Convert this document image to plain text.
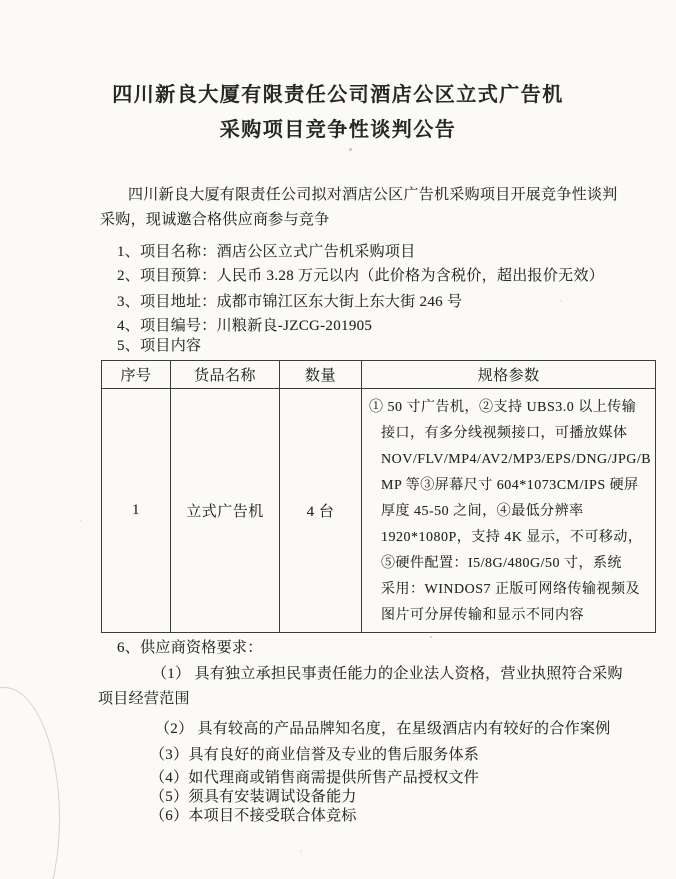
四川新良大厦有限责任公司酒店公区立式广告机
采购项目竞争性谈判公告
四川新良大厦有限责任公司拟对酒店公区广告机采购项目开展竞争性谈判
采购，现诚邀合格供应商参与竞争
1、项目名称：酒店公区立式广告机采购项目
2、项目预算：人民币 3.28 万元以内（此价格为含税价，超出报价无效）
3、项目地址：成都市锦江区东大街上东大街 246 号
4、项目编号：川粮新良-JZCG-201905
5、项目内容
序号	货品名称	数量	规格参数
1	立式广告机	4 台	
① 50 寸广告机，②支持 UBS3.0 以上传输
接口，有多分线视频接口，可播放媒体
NOV/FLV/MP4/AV2/MP3/EPS/DNG/JPG/B
MP 等③屏幕尺寸 604*1073CM/IPS 硬屏
厚度 45-50 之间，④最低分辨率
1920*1080P，支持 4K 显示，不可移动，
⑤硬件配置：I5/8G/480G/50 寸，系统
采用：WINDOS7 正版可网络传输视频及
图片可分屏传输和显示不同内容
6、供应商资格要求：
（1） 具有独立承担民事责任能力的企业法人资格，营业执照符合采购
项目经营范围
（2） 具有较高的产品品牌知名度，在星级酒店内有较好的合作案例
（3）具有良好的商业信誉及专业的售后服务体系
（4）如代理商或销售商需提供所售产品授权文件
（5）须具有安装调试设备能力
（6）本项目不接受联合体竞标
